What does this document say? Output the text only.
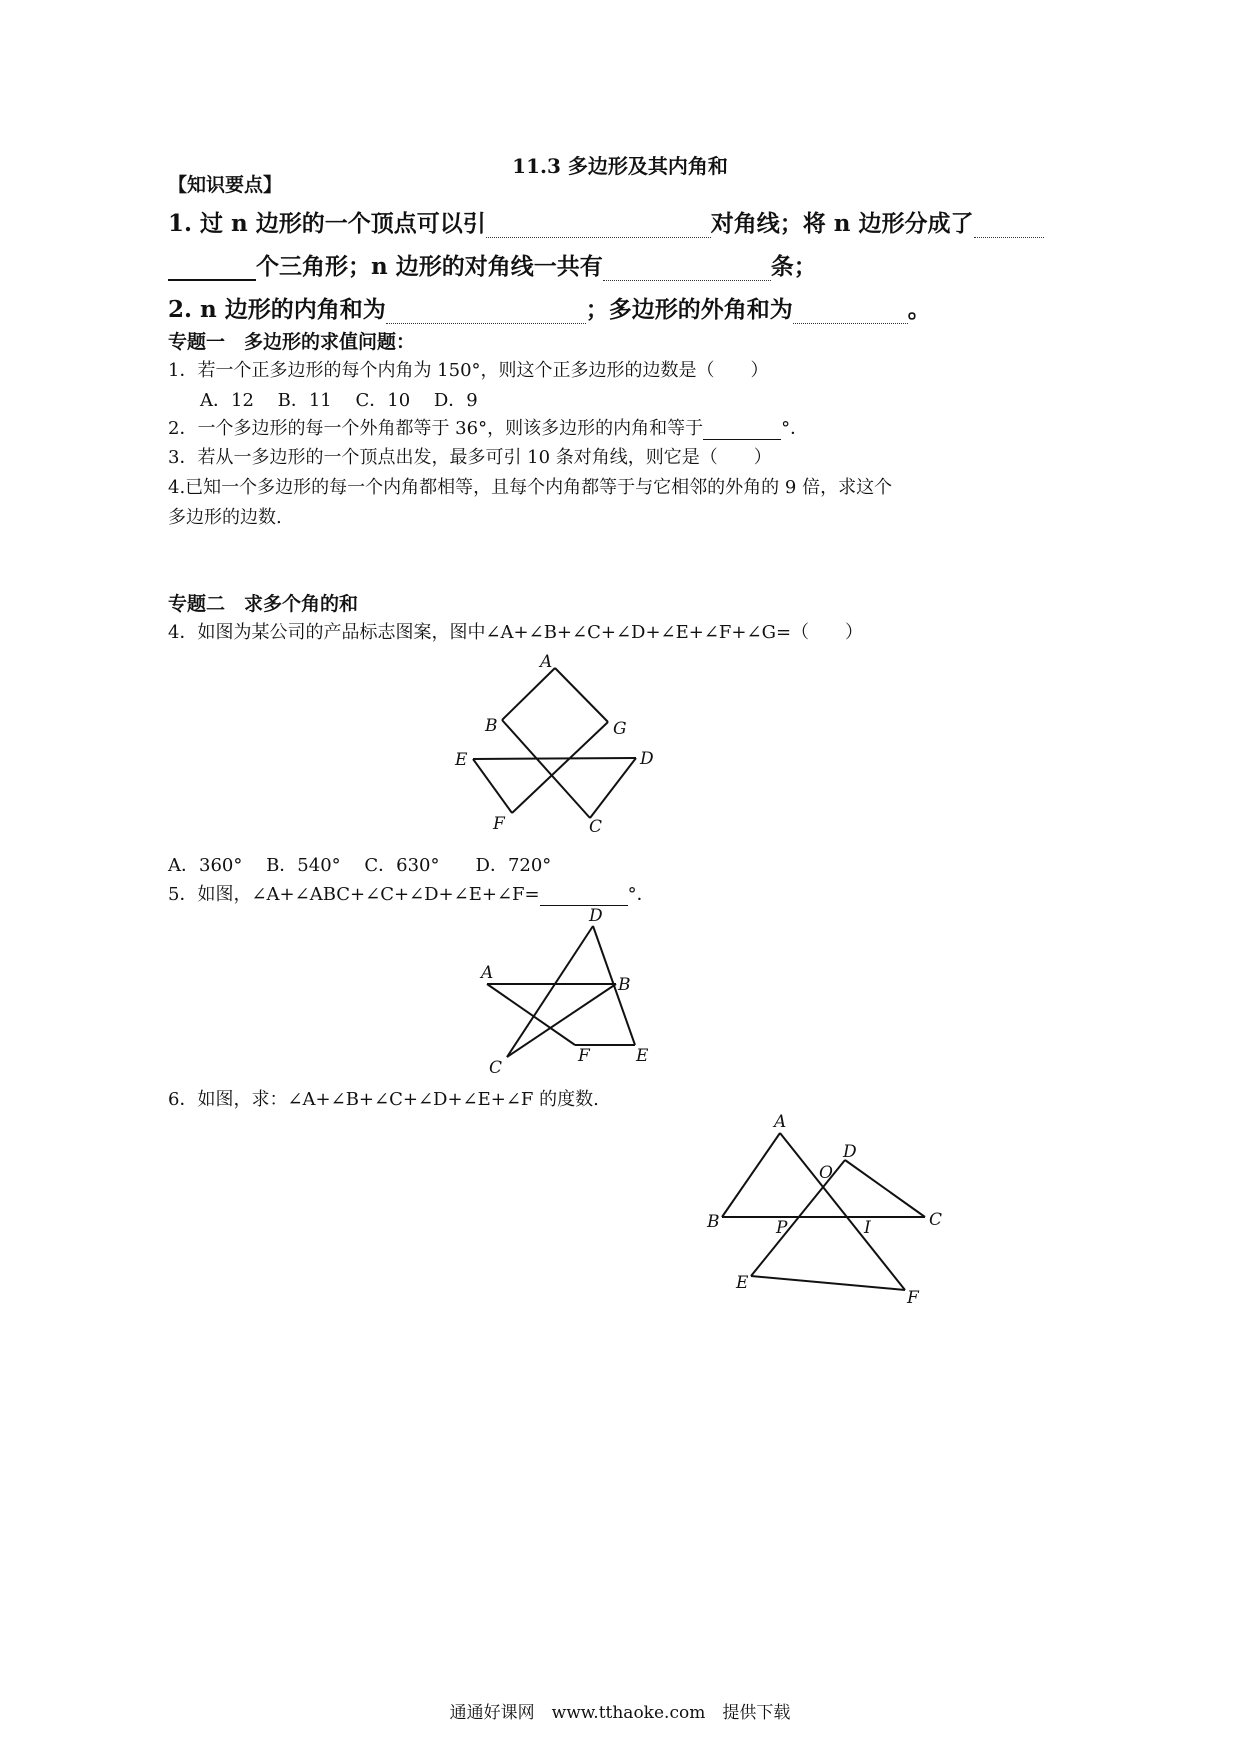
11.3 多边形及其内角和
【知识要点】
1. 过 n 边形的一个顶点可以引	对角线；将 n 边形分成了
个三角形；n 边形的对角线一共有	条；
2. n 边形的内角和为	；多边形的外角和为	。
专题一　多边形的求值问题：
1．若一个正多边形的每个内角为 150°，则这个正多边形的边数是（　　）
A．12　 B．11　 C．10　 D．9
2．一个多边形的每一个外角都等于 36°，则该多边形的内角和等于	°．
3．若从一多边形的一个顶点出发，最多可引 10 条对角线，则它是（　　）
4.已知一个多边形的每一个内角都相等，且每个内角都等于与它相邻的外角的 9 倍，求这个
多边形的边数.
专题二　求多个角的和
4．如图为某公司的产品标志图案，图中∠A+∠B+∠C+∠D+∠E+∠F+∠G=（　　）
A
B	G
E	D
F	C
A．360°　 B．540°　 C．630°　　D．720°
5．如图，∠A+∠ABC+∠C+∠D+∠E+∠F=	°．
D
A
B
C
F	E
6．如图，求：∠A+∠B+∠C+∠D+∠E+∠F 的度数.
A
O
D
B	P	I	C
E
F
通通好课网　www.tthaoke.com　提供下载
